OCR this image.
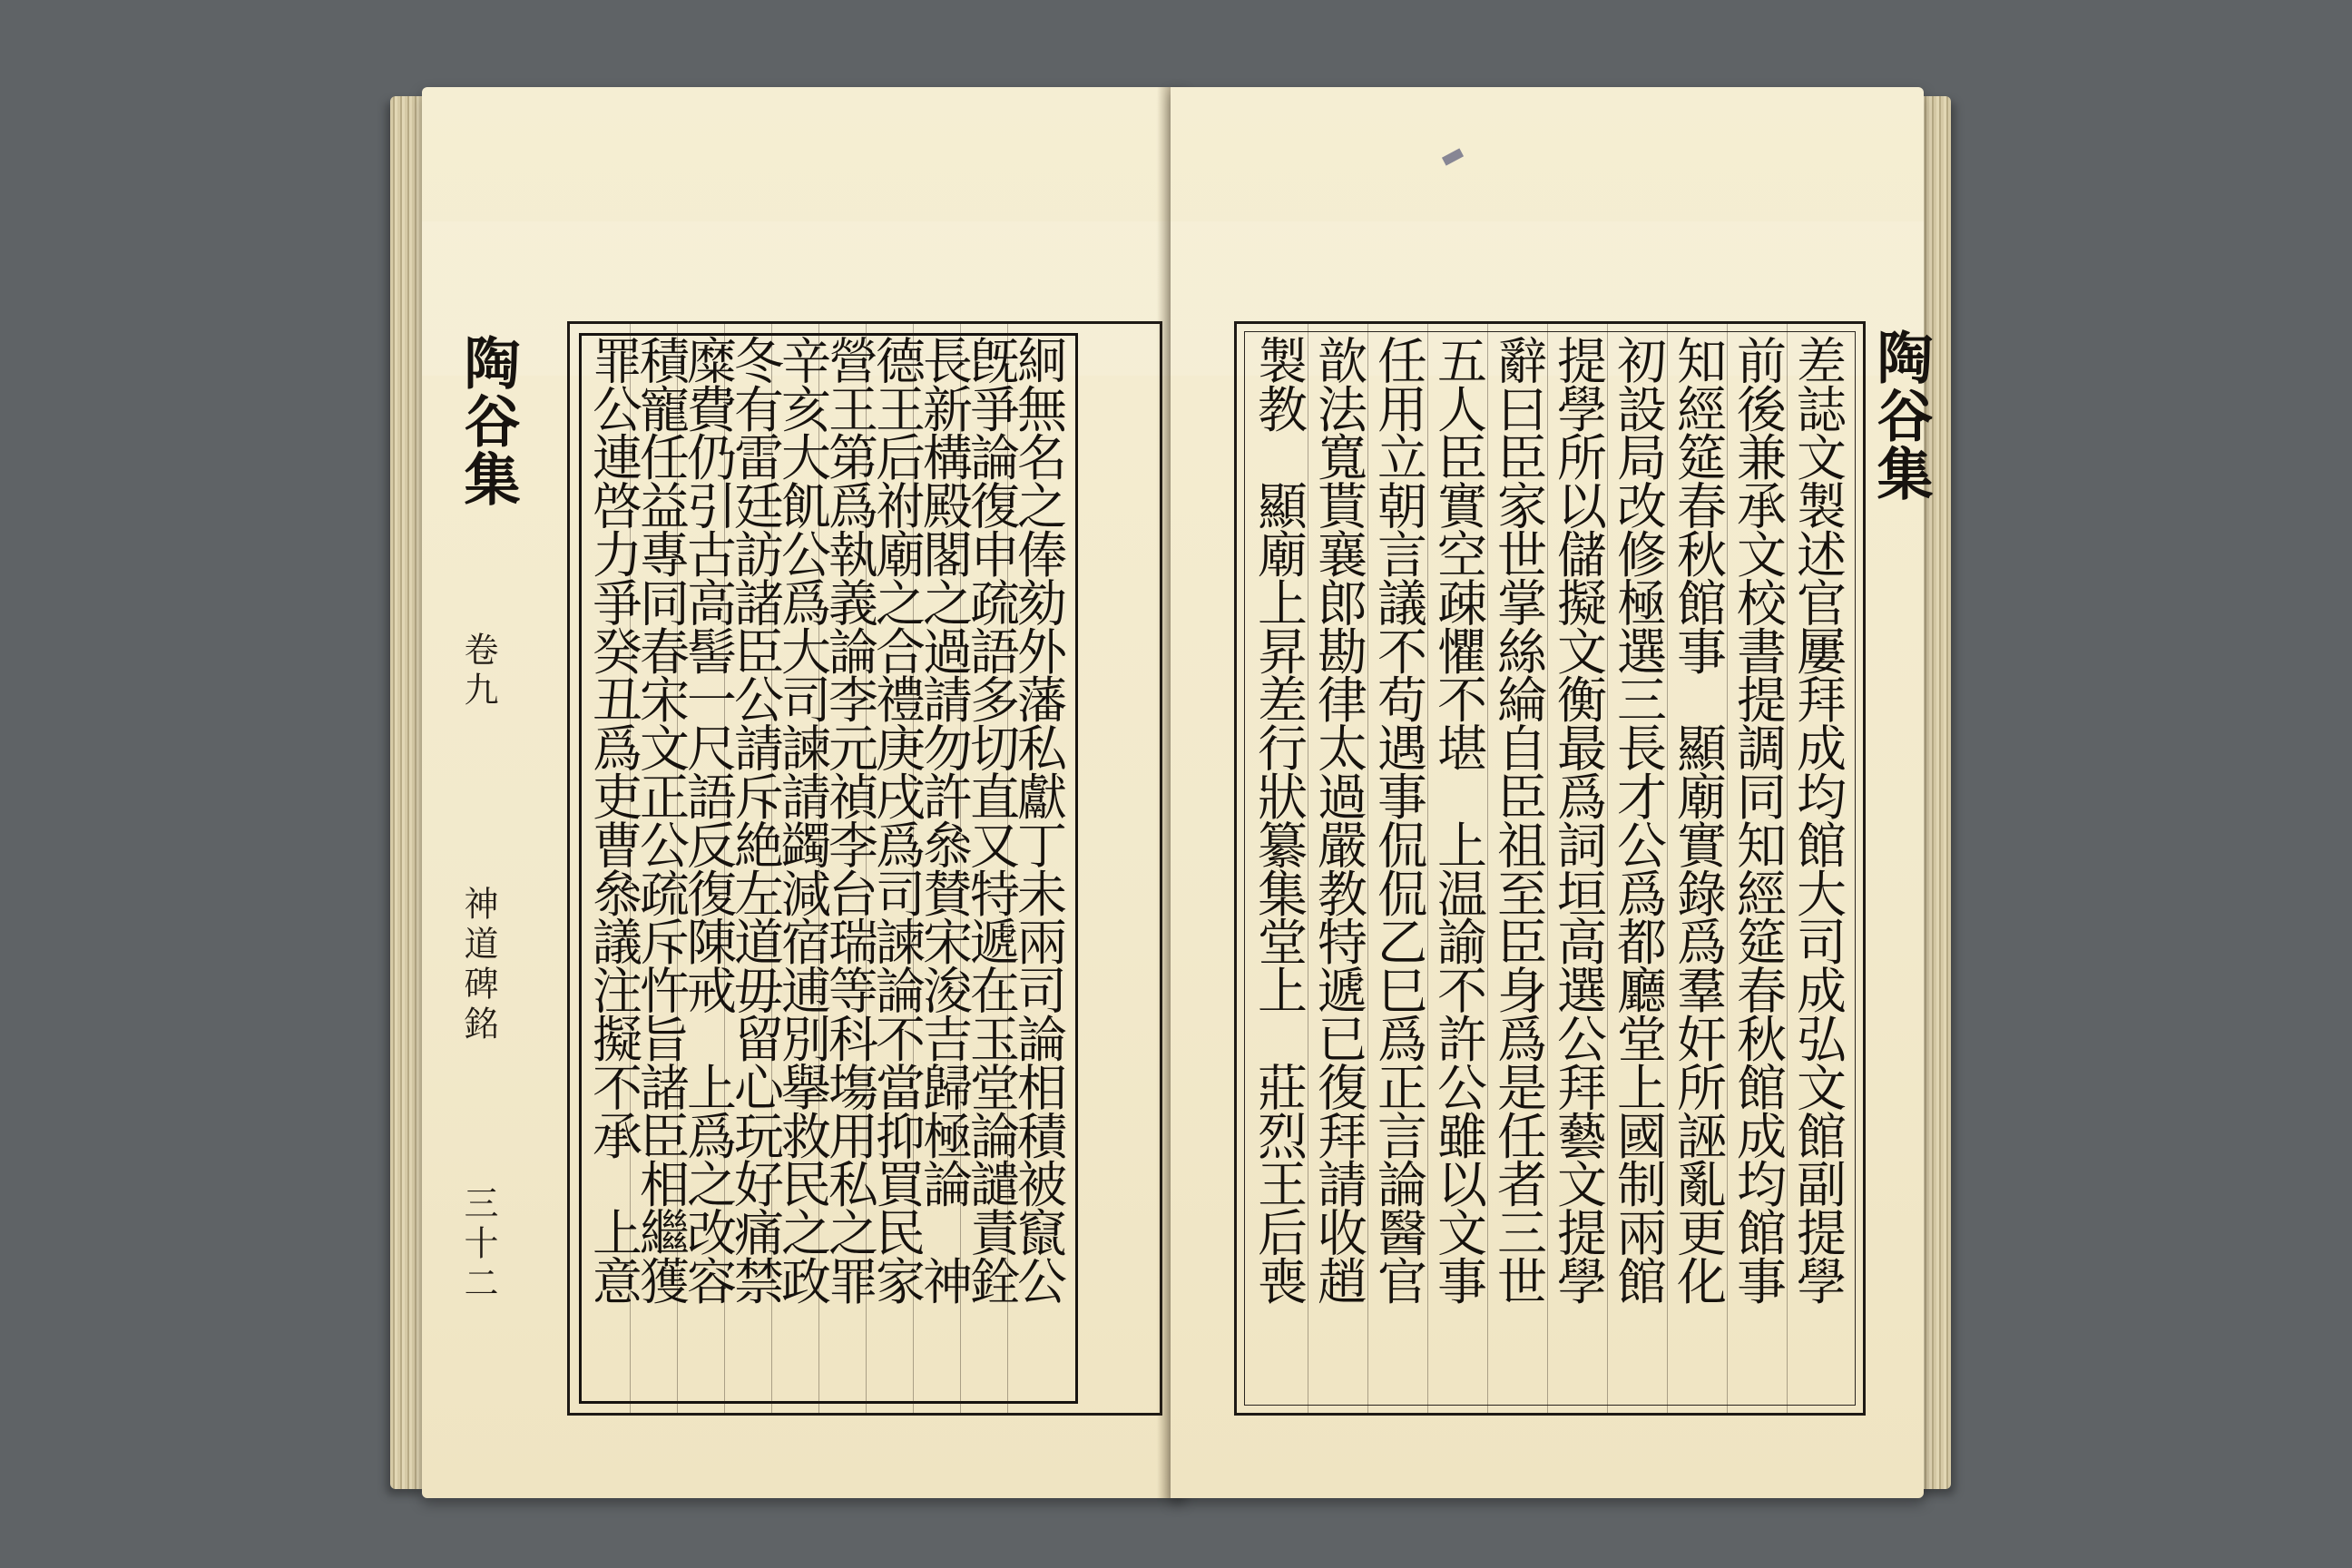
絅無名之俸劾外藩私獻丁未兩司論相積被竄公
旣爭論復申疏語多切直又特遞在玉堂論譴責銓
長新構殿閣之過請勿許叅賛宋浚吉歸極論　神
德王后祔廟之合禮庚戌爲司諫論不當抑買民家
營王第爲執義論李元禎李台瑞等科塲用私之罪
辛亥大飢公爲大司諫請蠲減宿逋別擧救民之政
冬有雷廷訪諸臣公請斥絶左道毋留心玩好痛禁
糜費仍引古高髻一尺語反復陳戒　上爲之改容
積寵任益專同春宋文正公疏斥忤旨諸臣相繼獲
罪公連啓力爭癸丑爲吏曹叅議注擬不承　上意
陶谷集
卷九
神道碑銘
三十二	差誌文製述官屢拜成均館大司成弘文館副提學
前後兼承文校書提調同知經筵春秋館成均館事
知經筵春秋館事　顯廟實錄爲羣奸所誣亂更化
初設局改修極選三長才公爲都廳堂上國制兩館
提學所以儲擬文衡最爲詞垣高選公拜藝文提學
辭曰臣家世掌絲綸自臣祖至臣身爲是任者三世
五人臣實空疎懼不堪　上温諭不許公雖以文事
任用立朝言議不苟遇事侃侃乙巳爲正言論醫官
歆法寬貰襄郎勘律太過嚴教特遞已復拜請收趙
製教　顯廟上昇差行狀纂集堂上　莊烈王后喪	陶谷集
